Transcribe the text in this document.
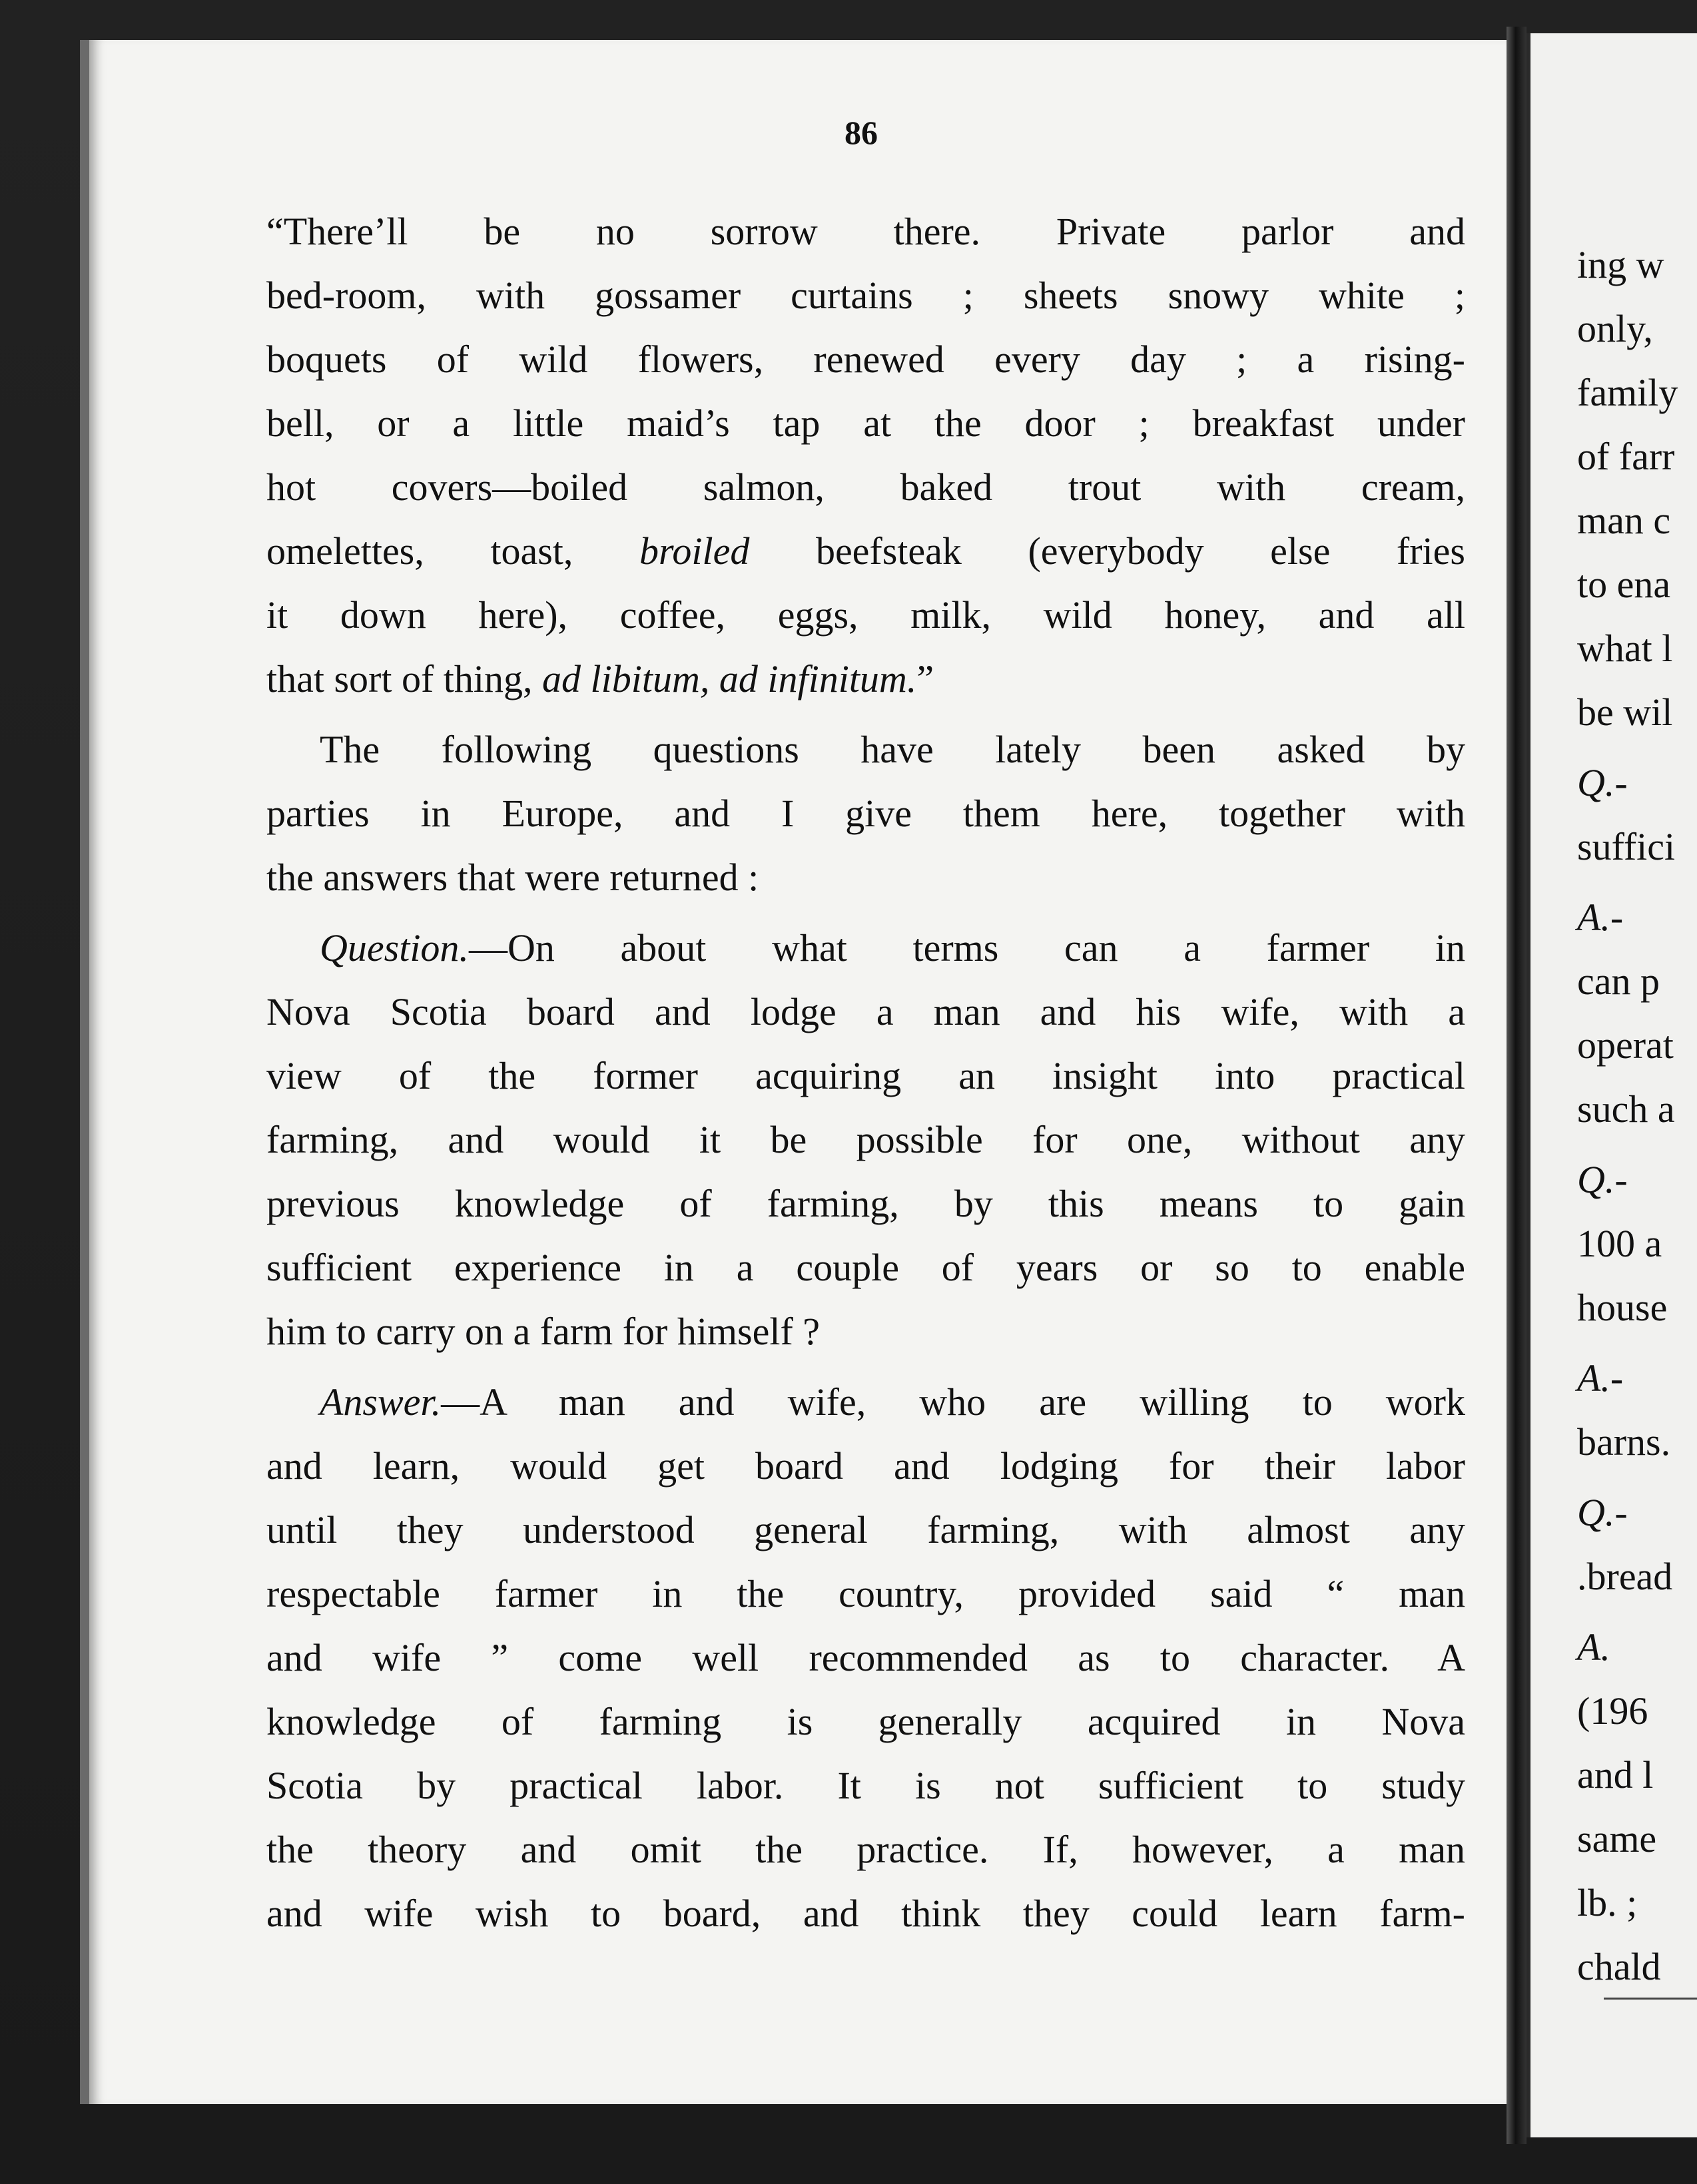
ing w
only,
family
of farr
man c
to ena
what l
be wil
Q.-
suffici
A.-
can p
operat
such a
Q.-
100 a
house
A.-
barns.
Q.-
.bread
A.
(196
and l
same
lb. ;
chald
86
“There’ll be no sorrow there. Private parlor and
bed-room, with gossamer curtains ; sheets snowy white ;
boquets of wild flowers, renewed every day ; a rising-
bell, or a little maid’s tap at the door ; breakfast under
hot covers—boiled salmon, baked trout with cream,
omelettes, toast, broiled beefsteak (everybody else fries
it down here), coffee, eggs, milk, wild honey, and all
that sort of thing, ad libitum, ad infinitum.”
The following questions have lately been asked by
parties in Europe, and I give them here, together with
the answers that were returned :
Question.—On about what terms can a farmer in
Nova Scotia board and lodge a man and his wife, with a
view of the former acquiring an insight into practical
farming, and would it be possible for one, without any
previous knowledge of farming, by this means to gain
sufficient experience in a couple of years or so to enable
him to carry on a farm for himself ?
Answer.—A man and wife, who are willing to work
and learn, would get board and lodging for their labor
until they understood general farming, with almost any
respectable farmer in the country, provided said “ man
and wife ” come well recommended as to character. A
knowledge of farming is generally acquired in Nova
Scotia by practical labor. It is not sufficient to study
the theory and omit the practice. If, however, a man
and wife wish to board, and think they could learn farm-
